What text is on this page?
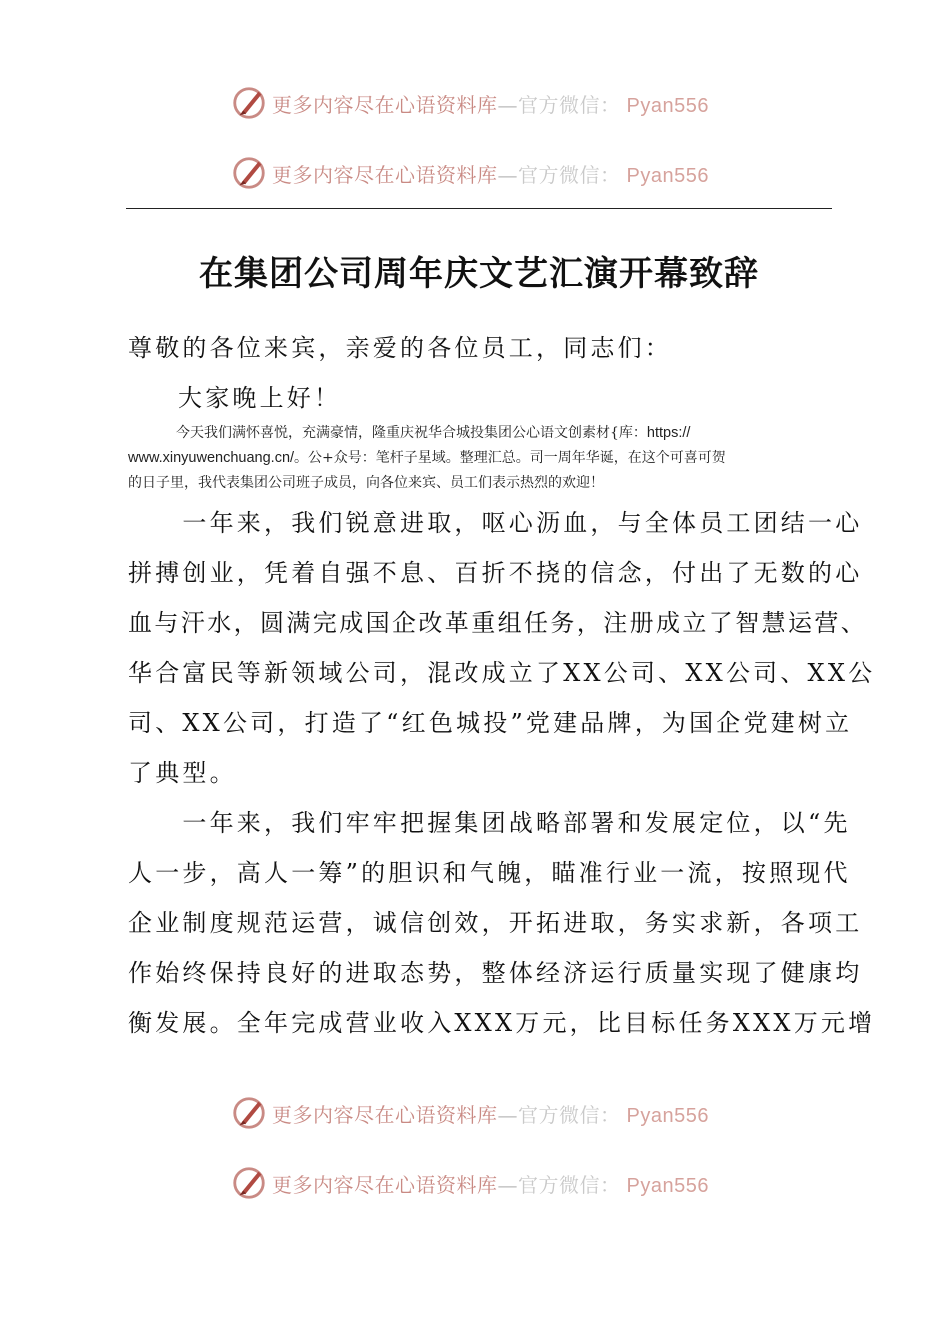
更多内容尽在心语资料库—官方微信： Pyan556
更多内容尽在心语资料库—官方微信： Pyan556
在集团公司周年庆文艺汇演开幕致辞
尊敬的各位来宾，亲爱的各位员工，同志们：
大家晚上好！
今天我们满怀喜悦，充满豪情，隆重庆祝华合城投集团公心语文创素材{库：https://
www.xinyuwenchuang.cn/。公+众号：笔杆子星域。整理汇总。司一周年华诞，在这个可喜可贺
的日子里，我代表集团公司班子成员，向各位来宾、员工们表示热烈的欢迎！
　　一年来，我们锐意进取，呕心沥血，与全体员工团结一心
拼搏创业，凭着自强不息、百折不挠的信念，付出了无数的心
血与汗水，圆满完成国企改革重组任务，注册成立了智慧运营、
华合富民等新领域公司，混改成立了XX公司、XX公司、XX公
司、XX公司，打造了“红色城投”党建品牌，为国企党建树立
了典型。
　　一年来，我们牢牢把握集团战略部署和发展定位，以“先
人一步，高人一筹”的胆识和气魄，瞄准行业一流，按照现代
企业制度规范运营，诚信创效，开拓进取，务实求新，各项工
作始终保持良好的进取态势，整体经济运行质量实现了健康均
衡发展。全年完成营业收入XXX万元，比目标任务XXX万元增
更多内容尽在心语资料库—官方微信： Pyan556
更多内容尽在心语资料库—官方微信： Pyan556
